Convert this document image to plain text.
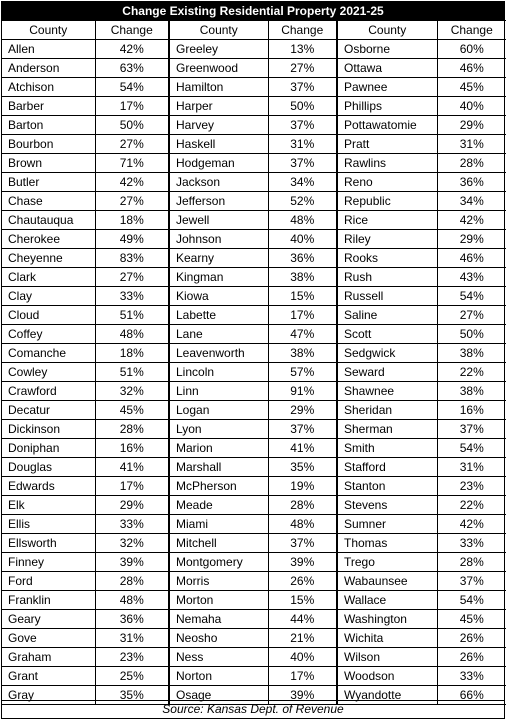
Change Existing Residential Property 2021-25
County	Change	County	Change	County	Change
Allen	42%	Greeley	13%	Osborne	60%
Anderson	63%	Greenwood	27%	Ottawa	46%
Atchison	54%	Hamilton	37%	Pawnee	45%
Barber	17%	Harper	50%	Phillips	40%
Barton	50%	Harvey	37%	Pottawatomie	29%
Bourbon	27%	Haskell	31%	Pratt	31%
Brown	71%	Hodgeman	37%	Rawlins	28%
Butler	42%	Jackson	34%	Reno	36%
Chase	27%	Jefferson	52%	Republic	34%
Chautauqua	18%	Jewell	48%	Rice	42%
Cherokee	49%	Johnson	40%	Riley	29%
Cheyenne	83%	Kearny	36%	Rooks	46%
Clark	27%	Kingman	38%	Rush	43%
Clay	33%	Kiowa	15%	Russell	54%
Cloud	51%	Labette	17%	Saline	27%
Coffey	48%	Lane	47%	Scott	50%
Comanche	18%	Leavenworth	38%	Sedgwick	38%
Cowley	51%	Lincoln	57%	Seward	22%
Crawford	32%	Linn	91%	Shawnee	38%
Decatur	45%	Logan	29%	Sheridan	16%
Dickinson	28%	Lyon	37%	Sherman	37%
Doniphan	16%	Marion	41%	Smith	54%
Douglas	41%	Marshall	35%	Stafford	31%
Edwards	17%	McPherson	19%	Stanton	23%
Elk	29%	Meade	28%	Stevens	22%
Ellis	33%	Miami	48%	Sumner	42%
Ellsworth	32%	Mitchell	37%	Thomas	33%
Finney	39%	Montgomery	39%	Trego	28%
Ford	28%	Morris	26%	Wabaunsee	37%
Franklin	48%	Morton	15%	Wallace	54%
Geary	36%	Nemaha	44%	Washington	45%
Gove	31%	Neosho	21%	Wichita	26%
Graham	23%	Ness	40%	Wilson	26%
Grant	25%	Norton	17%	Woodson	33%
Gray	35%	Osage	39%	Wyandotte	66%
Source: Kansas Dept. of Revenue
